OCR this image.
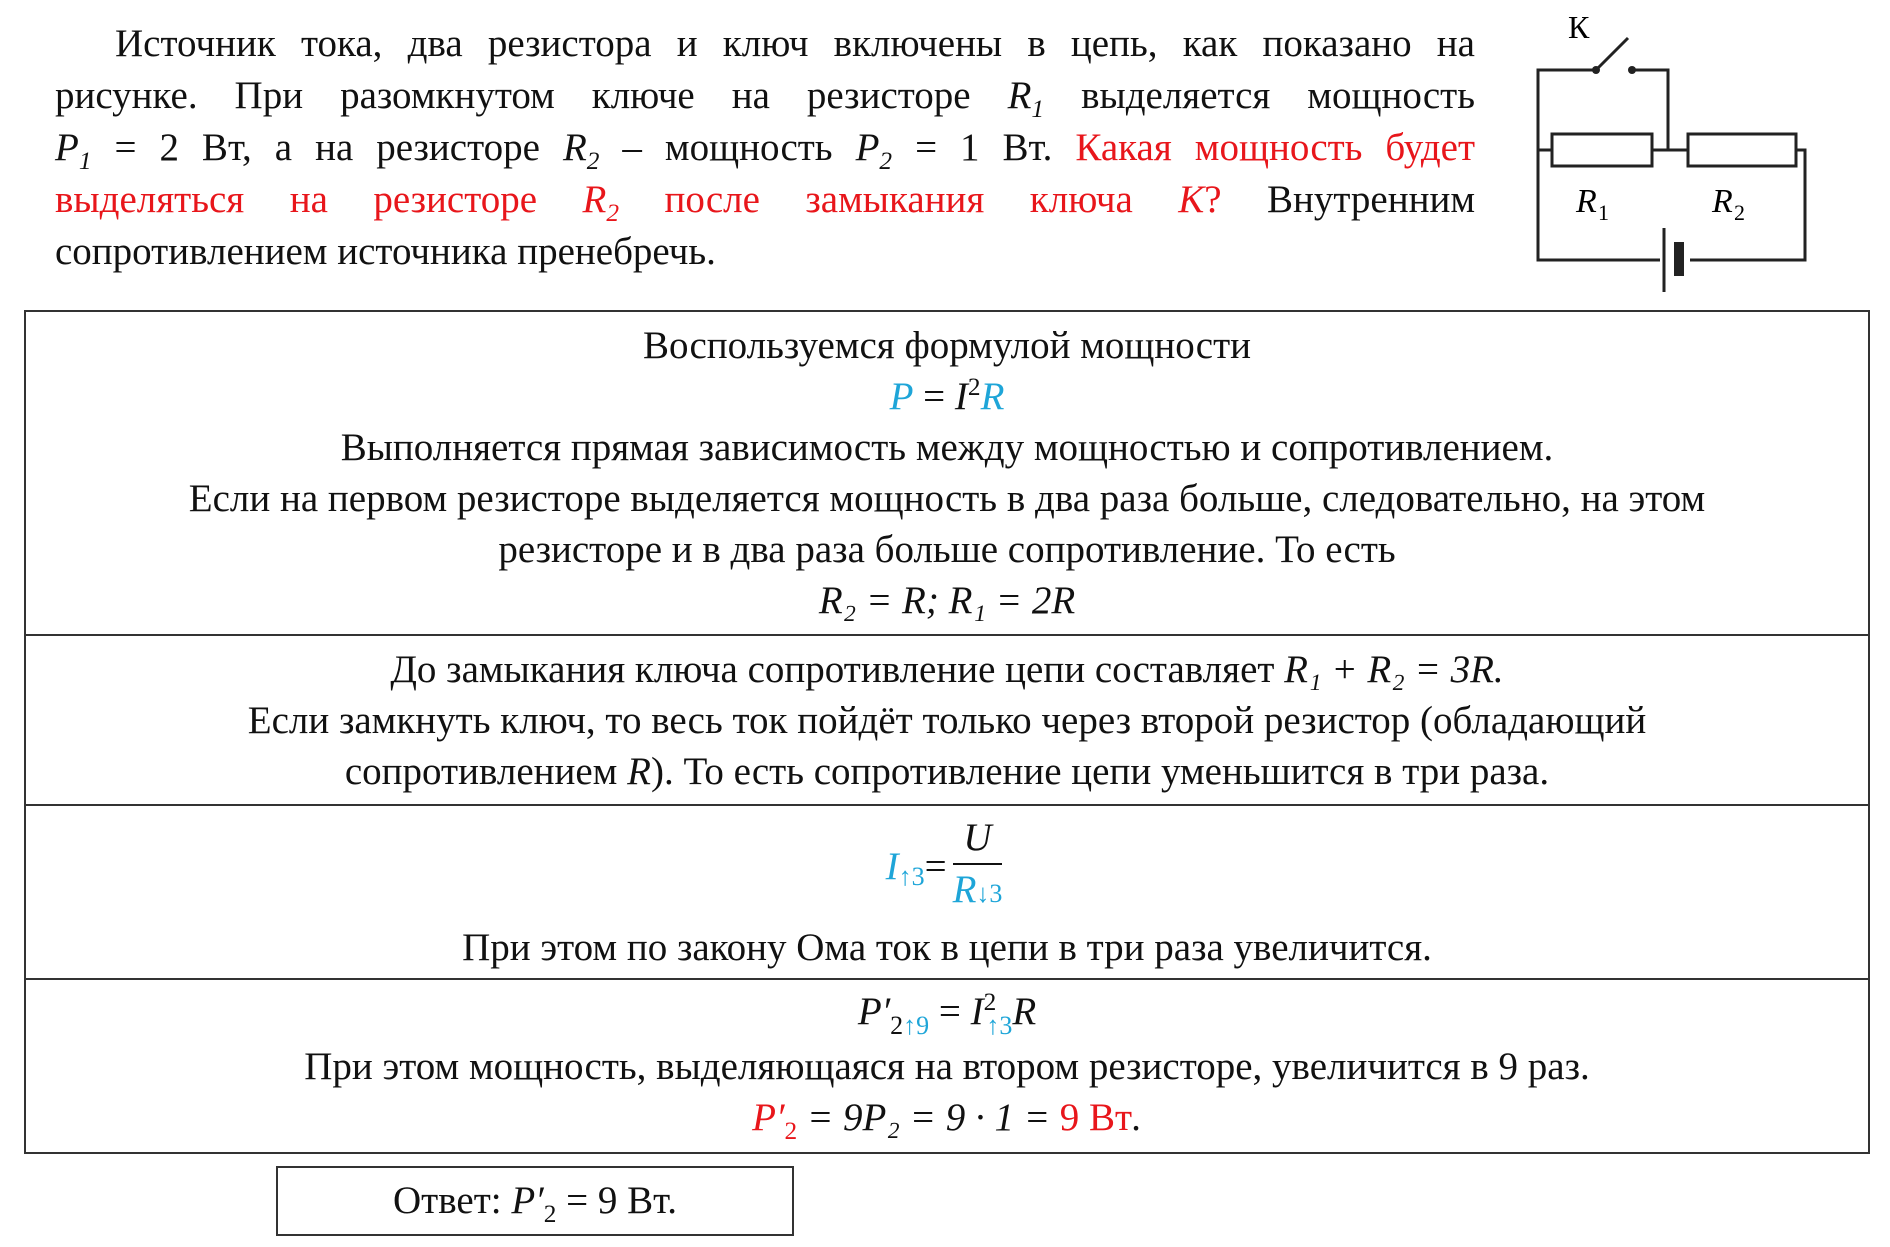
Источник тока, два резистора и ключ включены в цепь, как показано на
рисунке. При разомкнутом ключе на резисторе $R_1$ выделяется мощность
$P_1 = 2$ Вт, а на резисторе $R_2$ – мощность $P_2 = 1$ Вт. Какая мощность будет
выделяться на резисторе $R_2$ после замыкания ключа K? Внутренним
сопротивлением источника пренебречь.
К
R 1	R 2
Воспользуемся формулой мощности
$P = I^2R$
Выполняется прямая зависимость между мощностью и сопротивлением.
Если на первом резисторе выделяется мощность в два раза больше, следовательно, на этом
резисторе и в два раза больше сопротивление. То есть
R₂ = R; R₁ = 2R
До замыкания ключа сопротивление цепи составляет R₁ + R₂ = 3R.
Если замкнуть ключ, то весь ток пойдёт только через второй резистор (обладающий
сопротивлением R). То есть сопротивление цепи уменьшится в три раза.
I ↑3 = $\frac{U}{R↓3}$
При этом по закону Ома ток в цепи в три раза увеличится.
$P'_{2↑9} = I^2_{↑3}R$
При этом мощность, выделяющаяся на втором резисторе, увеличится в 9 раз.
$P'_2 = 9P_2 = 9 \cdot 1 = 9$ Вт.
Ответ: $P'_2 = 9$ Вт.
